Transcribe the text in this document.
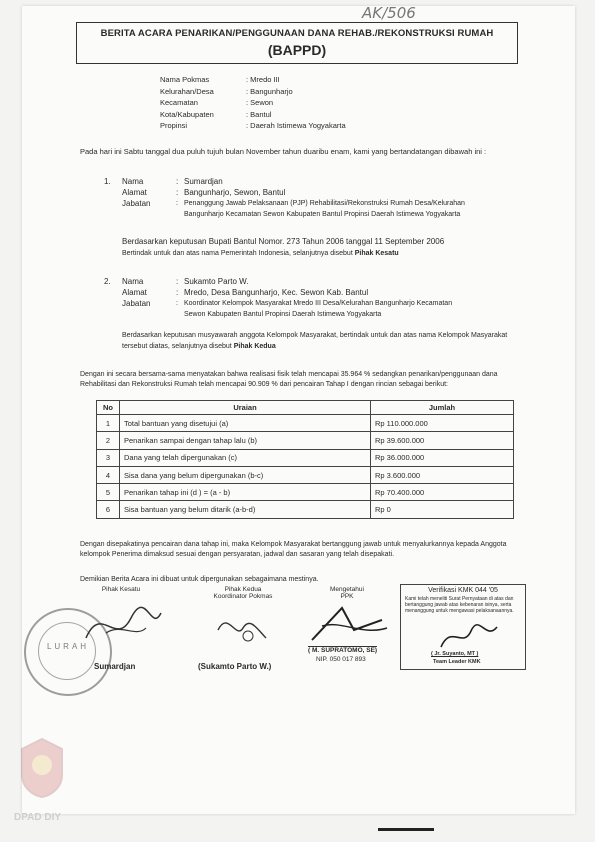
AK/506
BERITA ACARA PENARIKAN/PENGGUNAAN DANA REHAB./REKONSTRUKSI RUMAH
(BAPPD)
Nama Pokmas	: Mredo III
Kelurahan/Desa	: Bangunharjo
Kecamatan	: Sewon
Kota/Kabupaten	: Bantul
Propinsi	: Daerah Istimewa Yogyakarta
Pada hari ini Sabtu tanggal dua puluh tujuh bulan November tahun duaribu enam, kami yang bertandatangan dibawah ini :
1.	Nama	: Sumardjan
Alamat	: Bangunharjo, Sewon, Bantul
Jabatan	: Penanggung Jawab Pelaksanaan (PJP) Rehabilitasi/Rekonstruksi Rumah Desa/Kelurahan Bangunharjo Kecamatan Sewon Kabupaten Bantul Propinsi Daerah Istimewa Yogyakarta
Berdasarkan keputusan Bupati Bantul Nomor. 273 Tahun 2006 tanggal 11 September 2006
Bertindak untuk dan atas nama Pemerintah Indonesia, selanjutnya disebut Pihak Kesatu
2.	Nama	: Sukamto Parto W.
Alamat	: Mredo, Desa Bangunharjo, Kec. Sewon Kab. Bantul
Jabatan	: Koordinator Kelompok Masyarakat Mredo III Desa/Kelurahan Bangunharjo Kecamatan Sewon Kabupaten Bantul Propinsi Daerah Istimewa Yogyakarta
Berdasarkan keputusan musyawarah anggota Kelompok Masyarakat, bertindak untuk dan atas nama Kelompok Masyarakat tersebut diatas, selanjutnya disebut Pihak Kedua
Dengan ini secara bersama-sama menyatakan bahwa realisasi fisik telah mencapai 35.964 % sedangkan penarikan/penggunaan dana Rehabilitasi dan Rekonstruksi Rumah telah mencapai 90.909 % dari pencairan Tahap I dengan rincian sebagai berikut:
No	Uraian	Jumlah
1	Total bantuan yang disetujui (a)	Rp 110.000.000
2	Penarikan sampai dengan tahap lalu (b)	Rp 39.600.000
3	Dana yang telah dipergunakan (c)	Rp 36.000.000
4	Sisa dana yang belum dipergunakan (b-c)	Rp 3.600.000
5	Penarikan tahap ini (d ) = (a - b)	Rp 70.400.000
6	Sisa bantuan yang belum ditarik (a-b-d)	Rp 0
Dengan disepakatinya pencairan dana tahap ini, maka Kelompok Masyarakat bertanggung jawab untuk menyalurkannya kepada Anggota kelompok Penerima dimaksud sesuai dengan persyaratan, jadwal dan sasaran yang telah disepakati.
Demikian Berita Acara ini dibuat untuk dipergunakan sebagaimana mestinya.
LURAH
Pihak Kesatu
Sumardjan
Pihak Kedua
Koordinator Pokmas
(Sukamto Parto W.)
Mengetahui
PPK
( M. SUPRATOMO, SE)
NIP. 050 017 893
Verifikasi KMK 044 '05
Kami telah meneliti Surat Pernyataan di atas dan bertanggung jawab atas kebenaran isinya, serta menanggung untuk mengawasi pelaksanaannya.
( Jr. Suyanto, MT )
Team Leader KMK
DPAD DIY
